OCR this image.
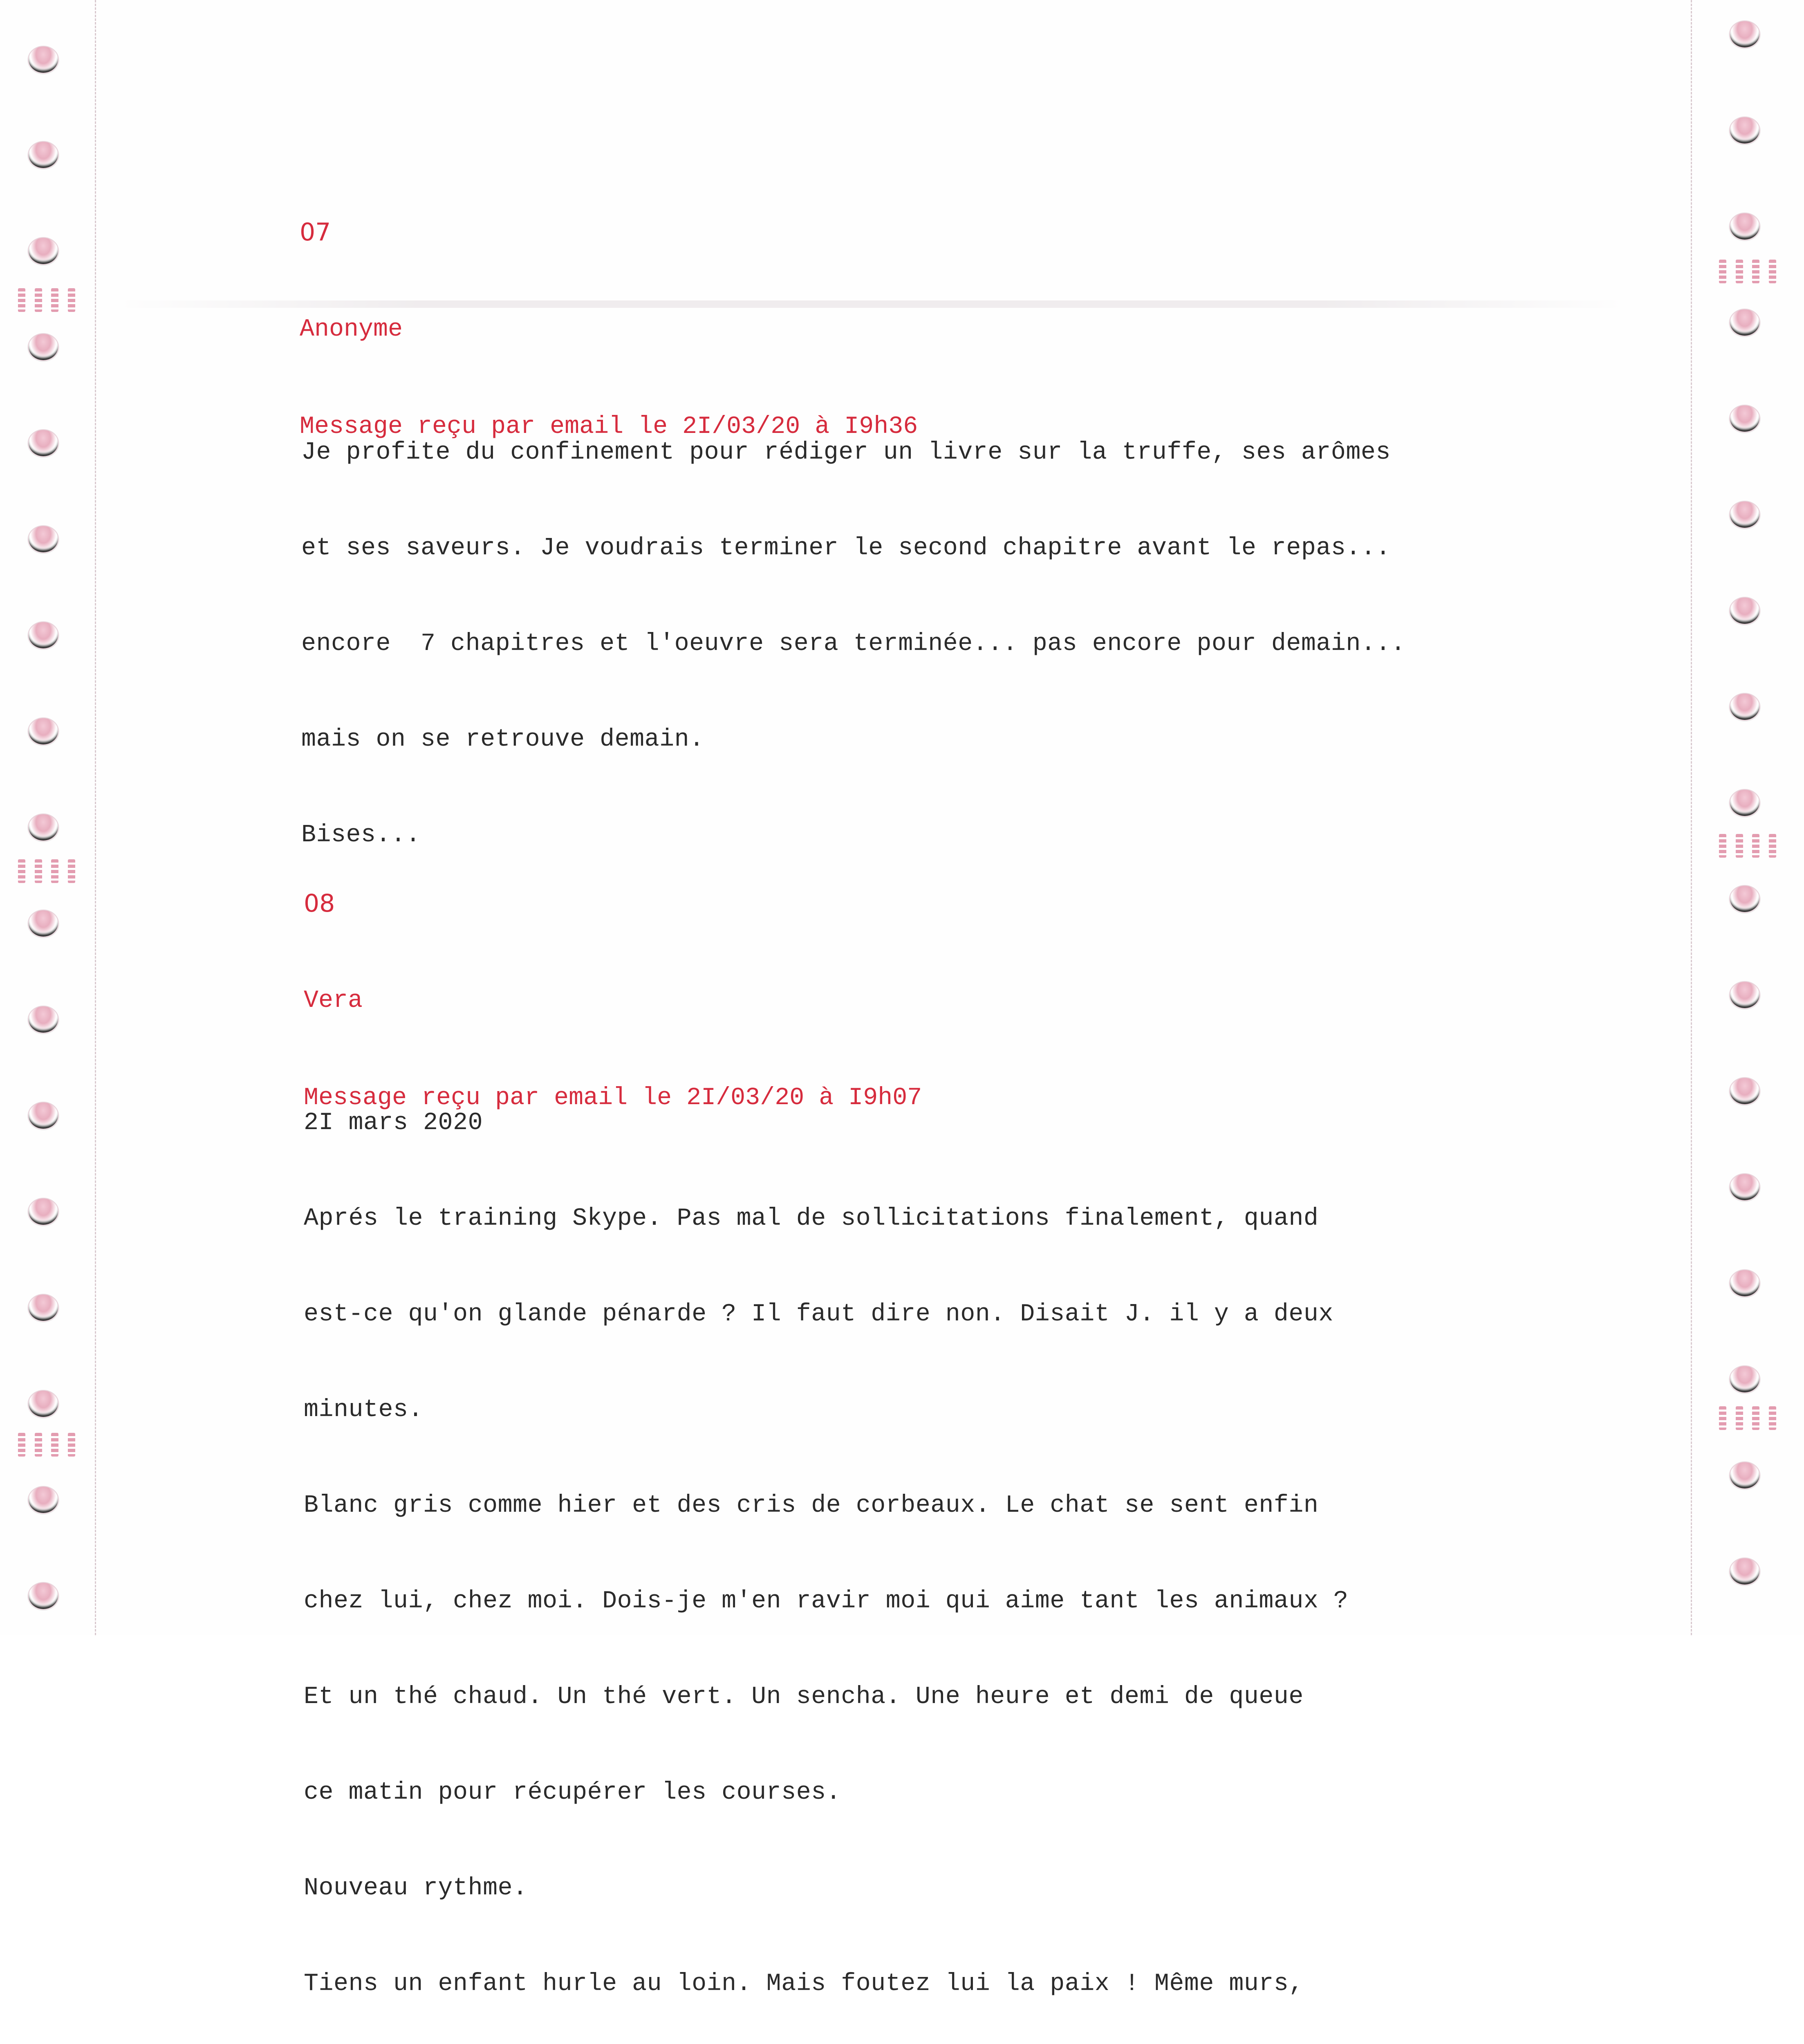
07

Anonyme

Message reçu par email le 2I/03/20 à I9h36

Je profite du confinement pour rédiger un livre sur la truffe, ses arômes

et ses saveurs. Je voudrais terminer le second chapitre avant le repas...

encore  7 chapitres et l'oeuvre sera terminée... pas encore pour demain...

mais on se retrouve demain.

Bises...

08

Vera

Message reçu par email le 2I/03/20 à I9h07

2I mars 2020

Aprés le training Skype. Pas mal de sollicitations finalement, quand

est-ce qu'on glande pénarde ? Il faut dire non. Disait J. il y a deux

minutes.

Blanc gris comme hier et des cris de corbeaux. Le chat se sent enfin

chez lui, chez moi. Dois-je m'en ravir moi qui aime tant les animaux ?

Et un thé chaud. Un thé vert. Un sencha. Une heure et demi de queue

ce matin pour récupérer les courses.

Nouveau rythme.

Tiens un enfant hurle au loin. Mais foutez lui la paix ! Même murs,
